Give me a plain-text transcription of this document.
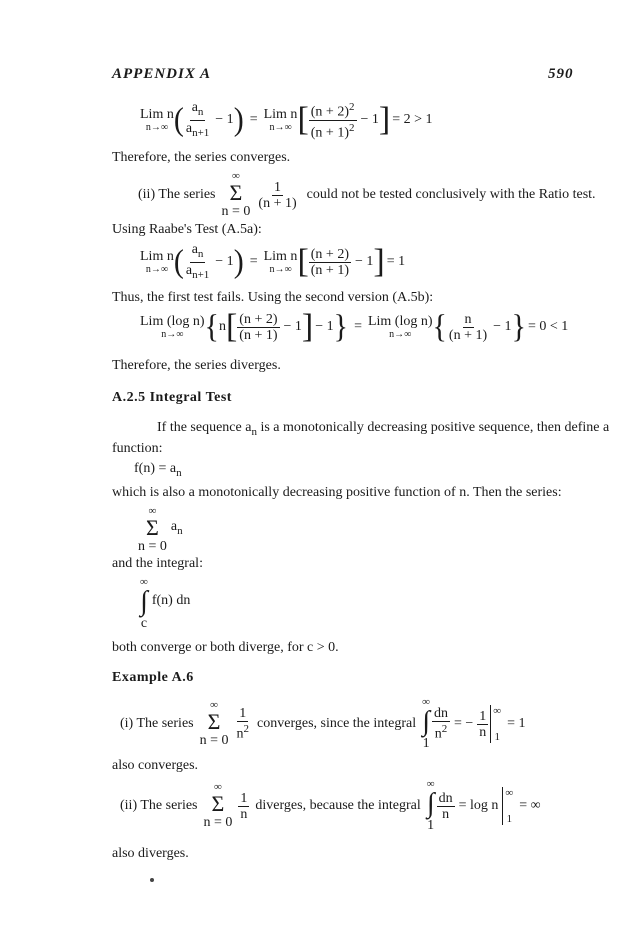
APPENDIX A	590
Lim n
n→∞ ( $\frac{a_n}{a_{n+1}} - 1$ ) = Lim n
n→∞ [ $\frac{(n + 2)^2}{(n + 1)^2} - 1$ ] = 2 > 1
Therefore, the series converges.
(ii) The series
∞
Σ
n = 0
$\frac{1}{(n + 1)}$ could not be tested conclusively with the Ratio test.
Using Raabe's Test (A.5a):
Lim n
n→∞ ( $\frac{a_n}{a_{n+1}} - 1$ ) = Lim n
n→∞ [ $\frac{(n + 2)}{(n + 1)} - 1$ ] = 1
Thus, the first test fails. Using the second version (A.5b):
Lim (log n)
n→∞ { n [ $\frac{(n + 2)}{(n + 1)} - 1$ ] − 1 } = Lim (log n)
n→∞ { $\frac{n}{(n + 1)} - 1$ } = 0 < 1
Therefore, the series diverges.
A.2.5 Integral Test
If the sequence $a_n$ is a monotonically decreasing positive sequence, then define a
function:
$f(n) = a_n$
which is also a monotonically decreasing positive function of n. Then the series:
∞
Σ
n = 0
$a_n$
and the integral:
∞
∫
c
f(n) dn
both converge or both diverge, for c > 0.
Example A.6
(i) The series
∞
Σ
$n = 0 \frac{1}{n^2}$ converges, since the integral
∞
∫
1
$\frac{dn}{n^2}$ = − $\frac{1}{n}$ ∞
1
= 1
also converges.
(ii) The series
∞
Σ
n = 0
$\frac{1}{n}$ diverges, because the integral
∞
∫
1
$\frac{dn}{n} = \log n$
∞
1
= ∞
also diverges.
